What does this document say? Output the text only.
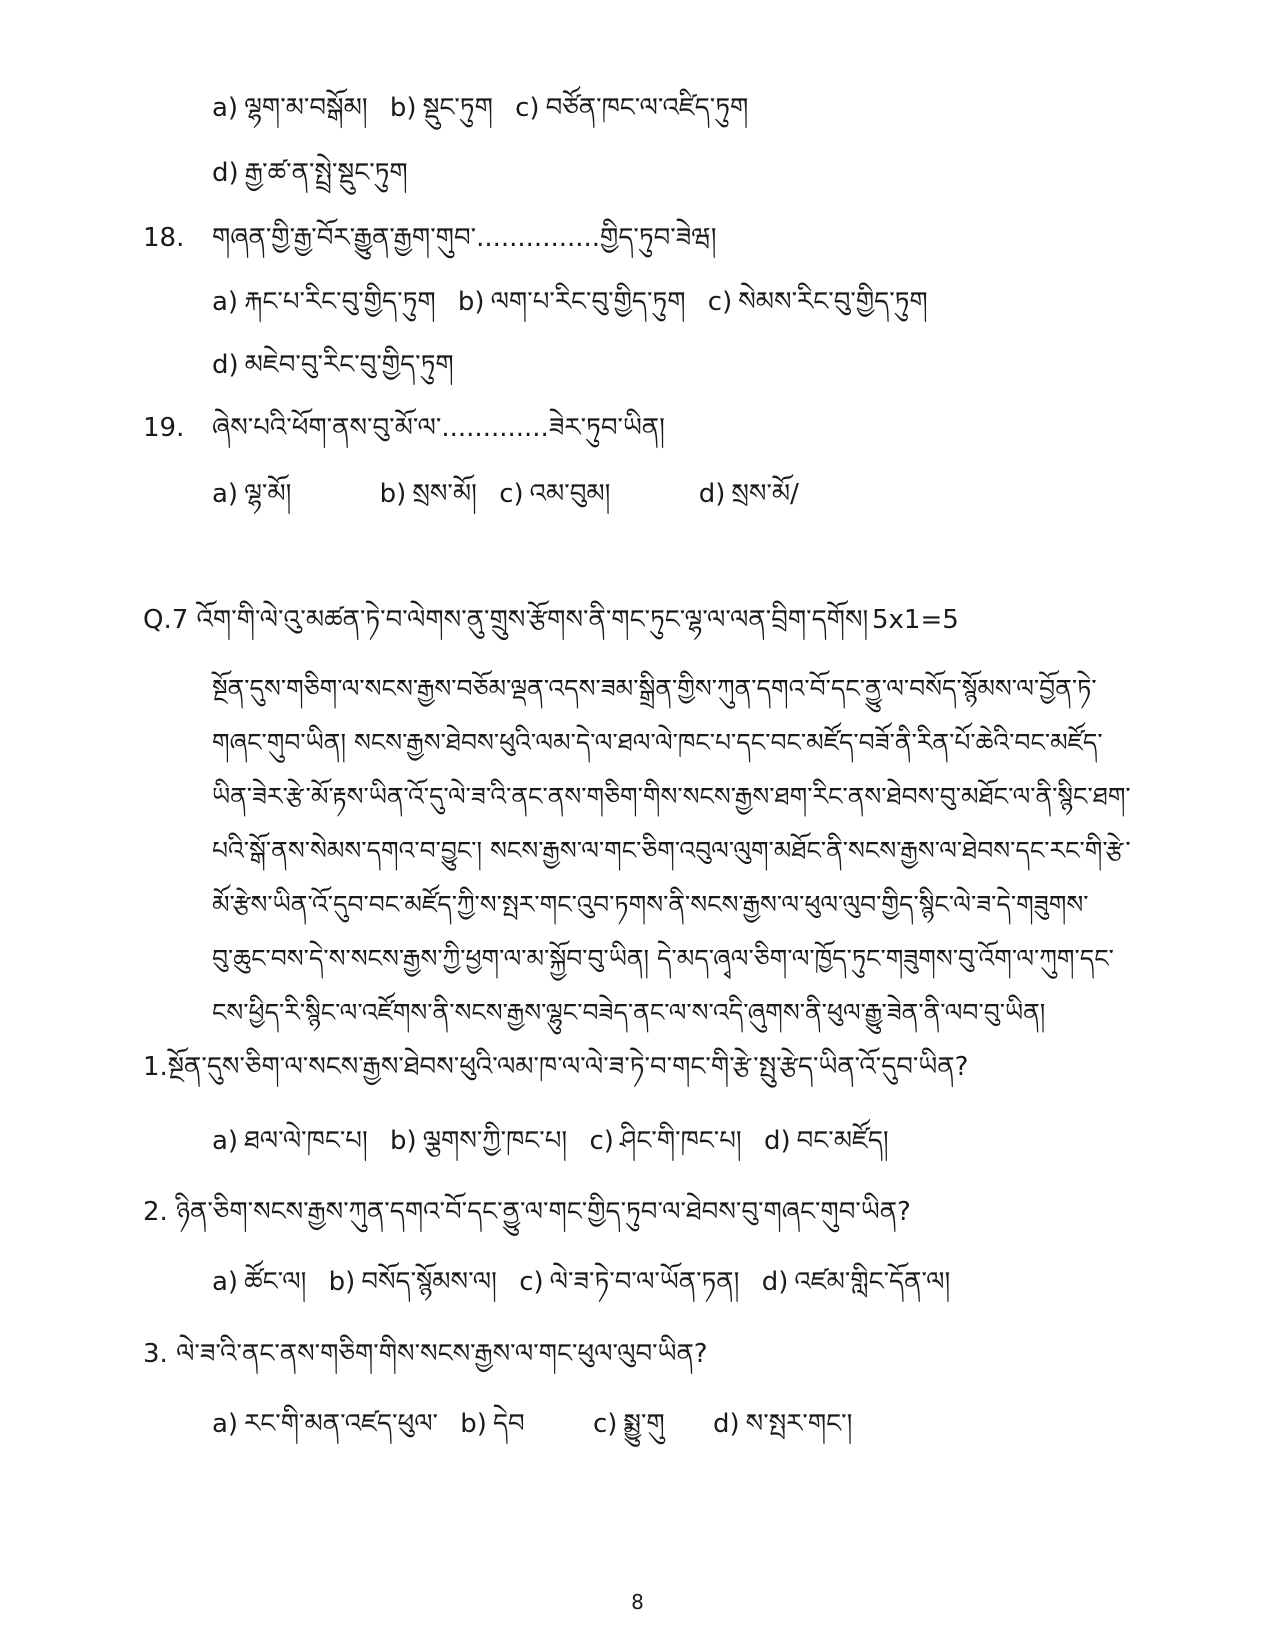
a) ལྷག་མ་བསྒོམ། b) སྡུང་ཏུག c) བཙོན་ཁང་ལ་འཛིད་ཏུག
d) རྒྱ་ཚ་ན་སྤྲེ་སྡུང་ཏུག
18. གཞན་གྱི་རྒྱ་བོར་རྒྱུན་རྒྱག་གུབ་...............གྱིད་ཏུབ་ཟེཝ།
a) རྐང་པ་རིང་བུ་གྱིད་ཏུག b) ལག་པ་རིང་བུ་གྱིད་ཏུག c) སེམས་རིང་བུ་གྱིད་ཏུག
d) མཇེབ་བུ་རིང་བུ་གྱིད་ཏུག
19. ཞེས་པའི་ཕོག་ནས་བུ་མོ་ལ་.............ཟེར་ཏུབ་ཡིན།
a) ལྷ་མོ།	b) སྲས་མོ། c) འམ་བུམ།	d) སྲས་མོ/
Q.7 འོག་གི་ལེ་འུ་མཚན་ཏེ་བ་ལེགས་ནུ་གྲུས་རྩོགས་ནི་གང་ཏུང་ལྷ་ལ་ལན་བྲིག་དགོས། 5x1=5
སྔོན་དུས་གཅིག་ལ་སངས་རྒྱས་བཅོམ་ལྡན་འདས་ཟམ་སྒྲིན་གྱིས་ཀུན་དགའ་བོ་དང་ནྱུ་ལ་བསོད་སྙོམས་ལ་བྱོན་ཏེ་
གཞང་གུབ་ཡིན། སངས་རྒྱས་ཐེབས་ཕུའི་ལམ་དེ་ལ་ཐལ་ལེ་ཁང་པ་དང་བང་མཛོད་བཟོ་ནི་རིན་པོ་ཆེའི་བང་མཛོད་
ཡིན་ཟེར་རྩེ་མོ་རྟས་ཡིན་འོ་དུ་ལེ་ཟ་འི་ནང་ནས་གཅིག་གིས་སངས་རྒྱས་ཐག་རིང་ནས་ཐེབས་བུ་མཐོང་ལ་ནི་སྙིང་ཐག་
པའི་སྒོ་ནས་སེམས་དགའ་བ་བྱུང་། སངས་རྒྱས་ལ་གང་ཅིག་འབུལ་ལུག་མཐོང་ནི་སངས་རྒྱས་ལ་ཐེབས་དང་རང་གི་རྩེ་
མོ་རྩེས་ཡིན་འོ་དུབ་བང་མཛོད་ཀྱི་ས་སྤར་གང་འུབ་ཏགས་ནི་སངས་རྒྱས་ལ་ཕུལ་ལུབ་གྱིད་སྙིང་ལེ་ཟ་དེ་གཟུགས་
བུ་ཆུང་བས་དེ་ས་སངས་རྒྱས་ཀྱི་ཕྱག་ལ་མ་སྐྱོབ་བུ་ཡིན། དེ་མད་ཞྭལ་ཅིག་ལ་ཁྱོད་ཏུང་གཟུགས་བུ་འོག་ལ་ཀུག་དང་
ངས་ཕྱིད་རི་སྙིང་ལ་འཛོགས་ནི་སངས་རྒྱས་ལྷུང་བཟེད་ནང་ལ་ས་འདི་ཞུགས་ནི་ཕུལ་རྒྱུ་ཟེན་ནི་ལབ་བུ་ཡིན།
1.སྔོན་དུས་ཅིག་ལ་སངས་རྒྱས་ཐེབས་ཕུའི་ལམ་ཁ་ལ་ལེ་ཟ་ཏེ་བ་གང་གི་རྩེ་སྤུ་རྩེད་ཡིན་འོ་དུབ་ཡིན?
a) ཐལ་ལེ་ཁང་པ། b) ལྕགས་ཀྱི་ཁང་པ། c) ཤིང་གི་ཁང་པ། d) བང་མཛོད།
2. ཉིན་ཅིག་སངས་རྒྱས་ཀུན་དགའ་བོ་དང་ནྱུ་ལ་གང་གྱིད་ཏུབ་ལ་ཐེབས་བུ་གཞང་གུབ་ཡིན?
a) ཚོང་ལ། b) བསོད་སྙོམས་ལ། c) ལེ་ཟ་ཏེ་བ་ལ་ཡོན་ཏན། d) འཛམ་གླིང་དོན་ལ།
3. ལེ་ཟ་འི་ནང་ནས་གཅིག་གིས་སངས་རྒྱས་ལ་གང་ཕུལ་ལུབ་ཡིན?
a) རང་གི་མན་འཛད་ཕུལ་ b) དེབ	c) སྨྱུ་གུ d) ས་སྤར་གང་།
8
